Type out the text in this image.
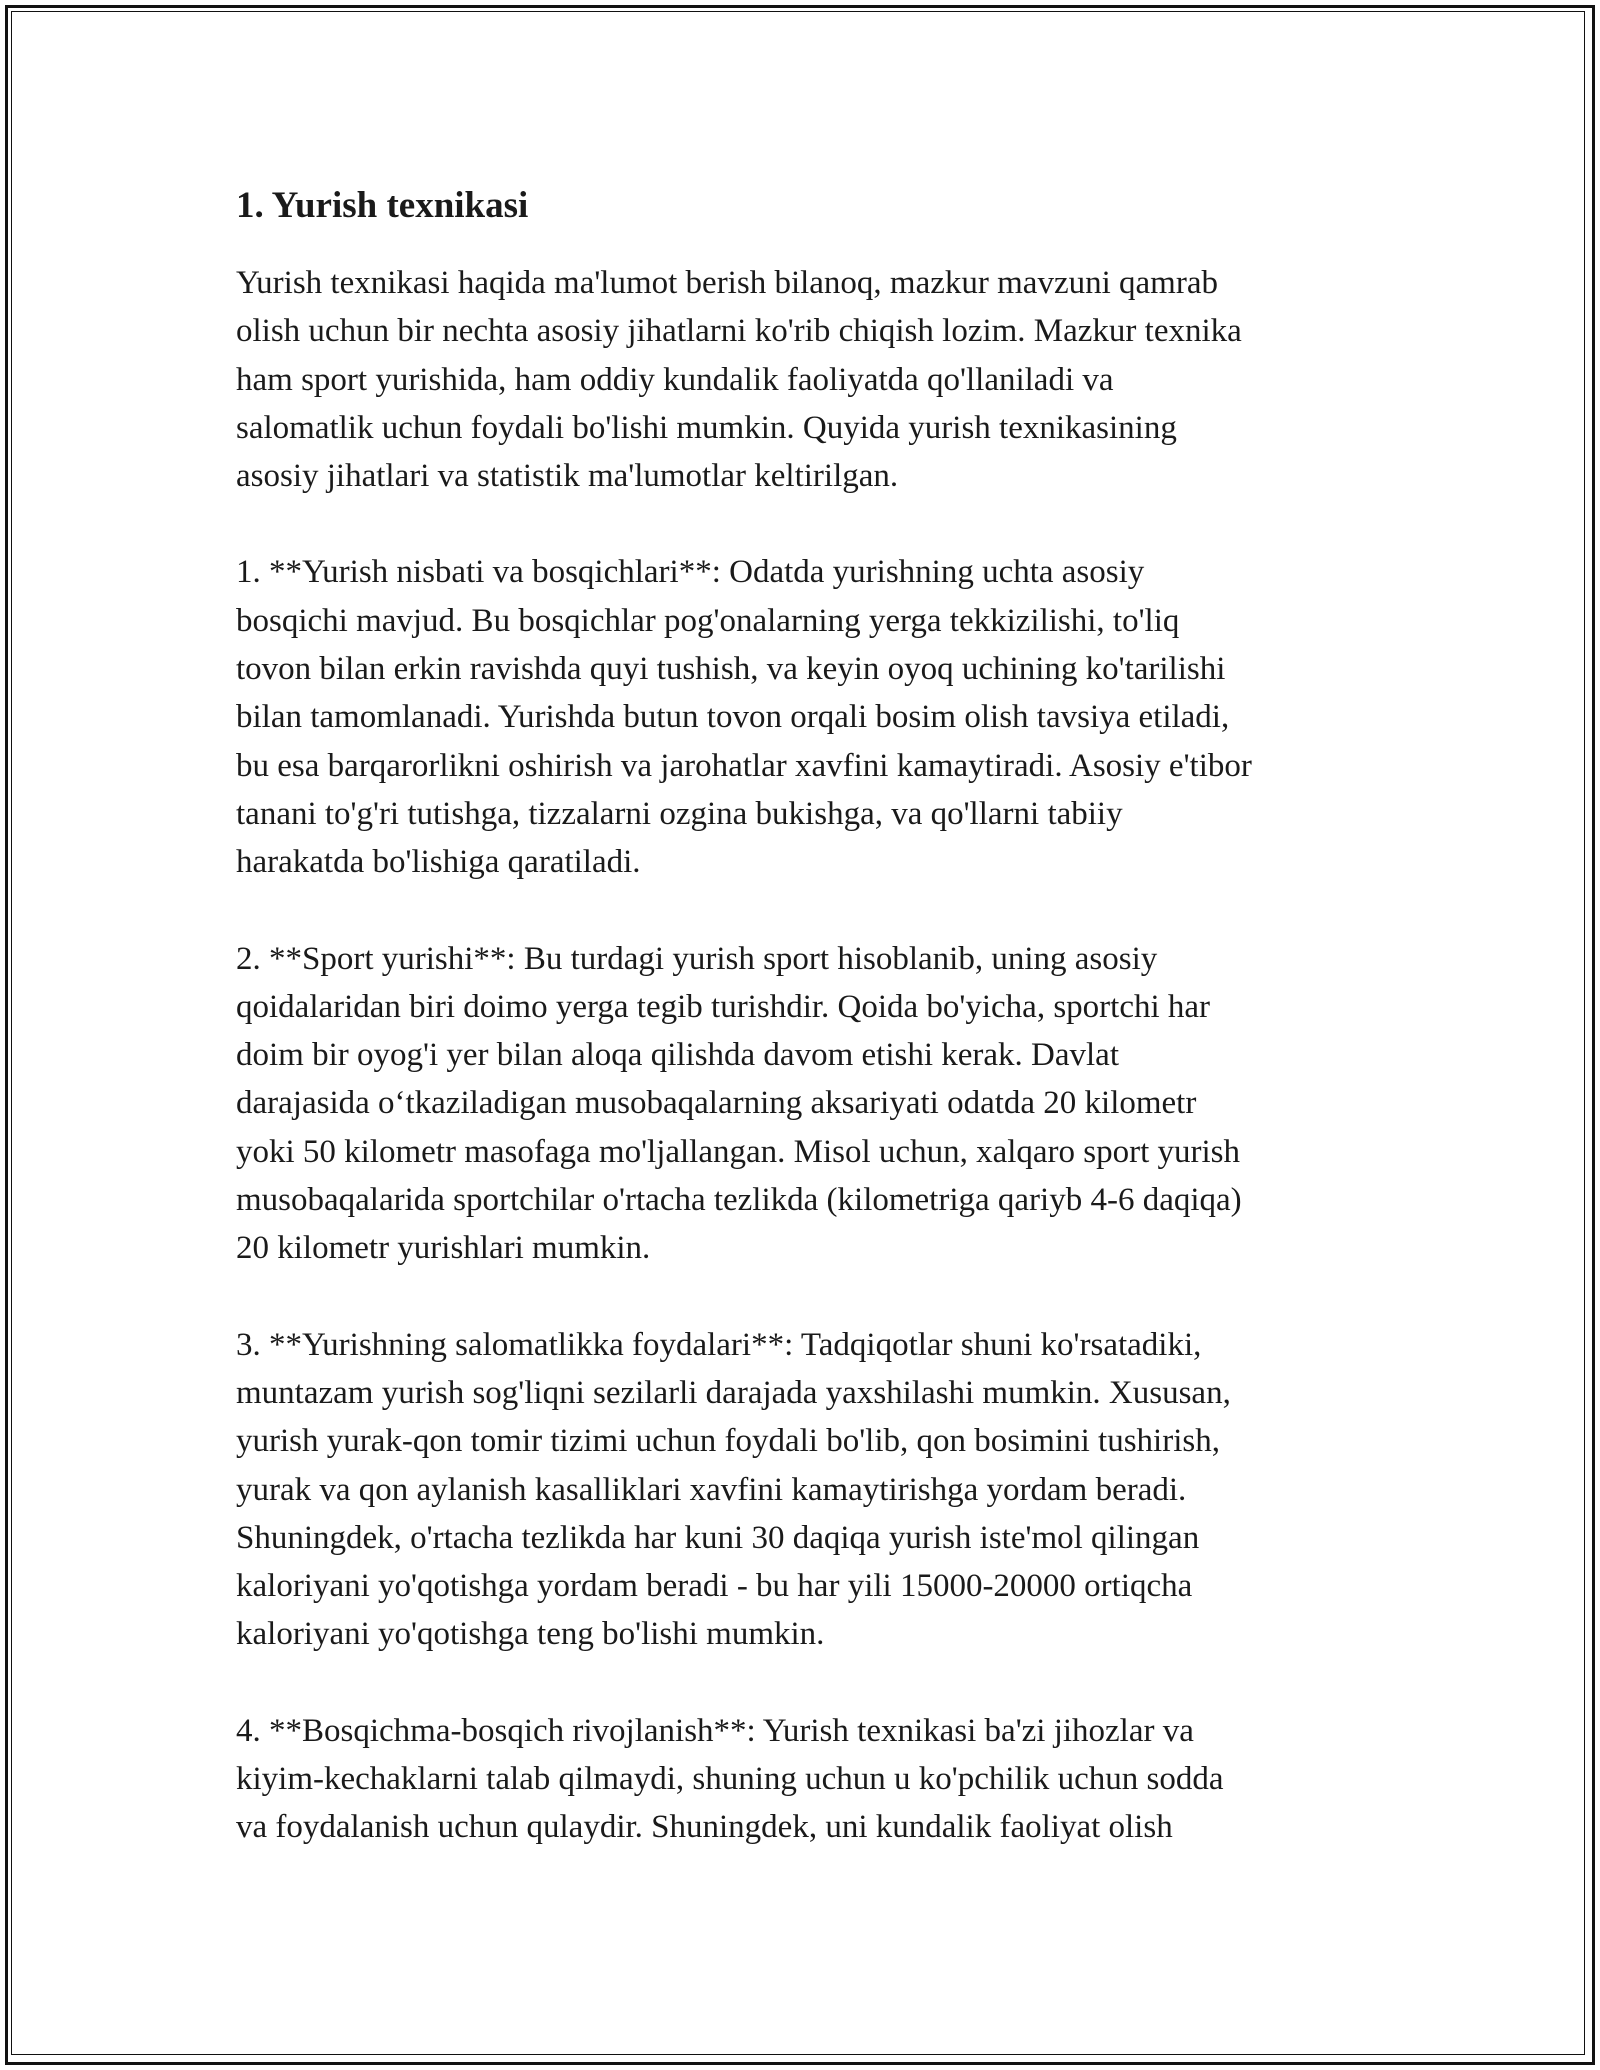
1. Yurish texnikasi
Yurish texnikasi haqida ma'lumot berish bilanoq, mazkur mavzuni qamrab
olish uchun bir nechta asosiy jihatlarni ko'rib chiqish lozim. Mazkur texnika
ham sport yurishida, ham oddiy kundalik faoliyatda qo'llaniladi va
salomatlik uchun foydali bo'lishi mumkin. Quyida yurish texnikasining
asosiy jihatlari va statistik ma'lumotlar keltirilgan.
1. **Yurish nisbati va bosqichlari**: Odatda yurishning uchta asosiy
bosqichi mavjud. Bu bosqichlar pog'onalarning yerga tekkizilishi, to'liq
tovon bilan erkin ravishda quyi tushish, va keyin oyoq uchining ko'tarilishi
bilan tamomlanadi. Yurishda butun tovon orqali bosim olish tavsiya etiladi,
bu esa barqarorlikni oshirish va jarohatlar xavfini kamaytiradi. Asosiy e'tibor
tanani to'g'ri tutishga, tizzalarni ozgina bukishga, va qo'llarni tabiiy
harakatda bo'lishiga qaratiladi.
2. **Sport yurishi**: Bu turdagi yurish sport hisoblanib, uning asosiy
qoidalaridan biri doimo yerga tegib turishdir. Qoida bo'yicha, sportchi har
doim bir oyog'i yer bilan aloqa qilishda davom etishi kerak. Davlat
darajasida o‘tkaziladigan musobaqalarning aksariyati odatda 20 kilometr
yoki 50 kilometr masofaga mo'ljallangan. Misol uchun, xalqaro sport yurish
musobaqalarida sportchilar o'rtacha tezlikda (kilometriga qariyb 4-6 daqiqa)
20 kilometr yurishlari mumkin.
3. **Yurishning salomatlikka foydalari**: Tadqiqotlar shuni ko'rsatadiki,
muntazam yurish sog'liqni sezilarli darajada yaxshilashi mumkin. Xususan,
yurish yurak-qon tomir tizimi uchun foydali bo'lib, qon bosimini tushirish,
yurak va qon aylanish kasalliklari xavfini kamaytirishga yordam beradi.
Shuningdek, o'rtacha tezlikda har kuni 30 daqiqa yurish iste'mol qilingan
kaloriyani yo'qotishga yordam beradi - bu har yili 15000-20000 ortiqcha
kaloriyani yo'qotishga teng bo'lishi mumkin.
4. **Bosqichma-bosqich rivojlanish**: Yurish texnikasi ba'zi jihozlar va
kiyim-kechaklarni talab qilmaydi, shuning uchun u ko'pchilik uchun sodda
va foydalanish uchun qulaydir. Shuningdek, uni kundalik faoliyat olish
